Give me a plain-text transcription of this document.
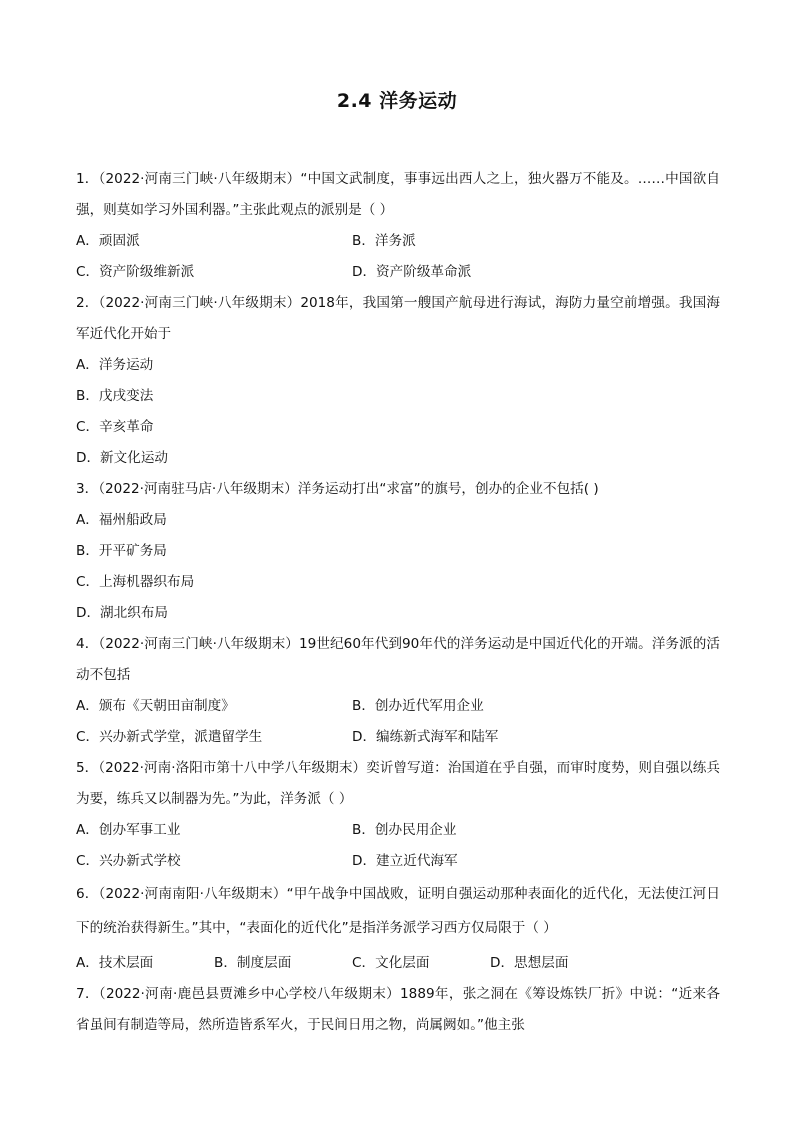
2.4 洋务运动

1．（2022·河南三门峡·八年级期末）“中国文武制度，事事远出西人之上，独火器万不能及。……中国欲自强，则莫如学习外国利器。”主张此观点的派别是（ ）

A．顽固派	B．洋务派
C．资产阶级维新派	D．资产阶级革命派

2．（2022·河南三门峡·八年级期末）2018年，我国第一艘国产航母进行海试，海防力量空前增强。我国海军近代化开始于

A．洋务运动
B．戊戌变法
C．辛亥革命
D．新文化运动

3．（2022·河南驻马店·八年级期末）洋务运动打出“求富”的旗号，创办的企业不包括( )

A．福州船政局
B．开平矿务局
C．上海机器织布局
D．湖北织布局

4．（2022·河南三门峡·八年级期末）19世纪60年代到90年代的洋务运动是中国近代化的开端。洋务派的活动不包括

A．颁布《天朝田亩制度》	B．创办近代军用企业
C．兴办新式学堂，派遣留学生	D．编练新式海军和陆军

5．（2022·河南·洛阳市第十八中学八年级期末）奕䜣曾写道：治国道在乎自强，而审时度势，则自强以练兵为要，练兵又以制器为先。”为此，洋务派（ ）

A．创办军事工业	B．创办民用企业
C．兴办新式学校	D．建立近代海军

6．（2022·河南南阳·八年级期末）“甲午战争中国战败，证明自强运动那种表面化的近代化，无法使江河日下的统治获得新生。”其中，“表面化的近代化”是指洋务派学习西方仅局限于（ ）

A．技术层面	B．制度层面	C．文化层面	D．思想层面

7．（2022·河南·鹿邑县贾滩乡中心学校八年级期末）1889年，张之洞在《筹设炼铁厂折》中说：“近来各省虽间有制造等局，然所造皆系军火，于民间日用之物，尚属阙如。”他主张
